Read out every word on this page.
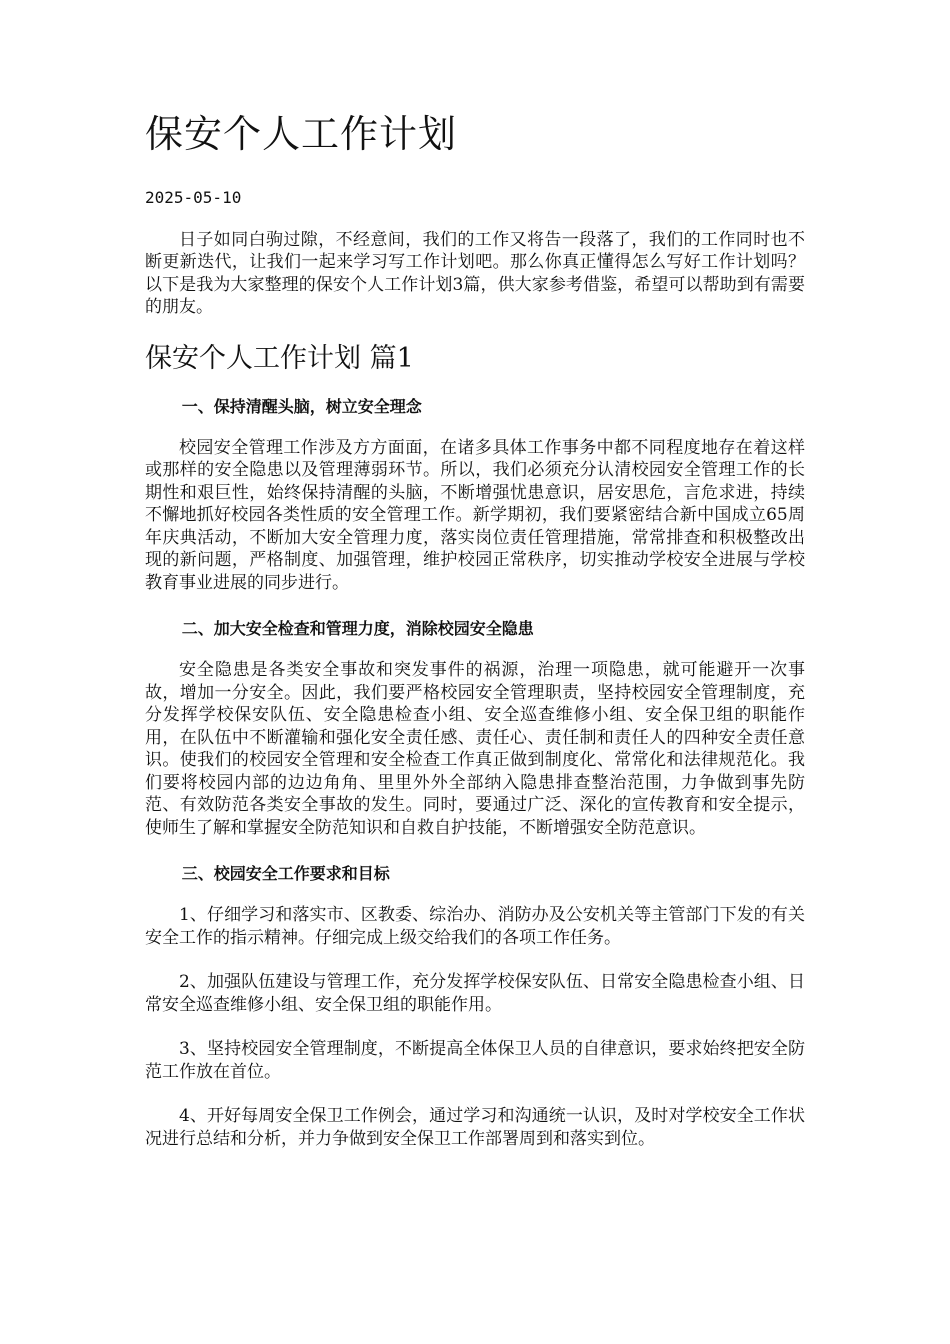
保安个人工作计划
2025-05-10

日子如同白驹过隙，不经意间，我们的工作又将告一段落了，我们的工作同时也不断更新迭代，让我们一起来学习写工作计划吧。那么你真正懂得怎么写好工作计划吗？以下是我为大家整理的保安个人工作计划3篇，供大家参考借鉴，希望可以帮助到有需要的朋友。

保安个人工作计划 篇1
一、保持清醒头脑，树立安全理念

校园安全管理工作涉及方方面面，在诸多具体工作事务中都不同程度地存在着这样或那样的安全隐患以及管理薄弱环节。所以，我们必须充分认清校园安全管理工作的长期性和艰巨性，始终保持清醒的头脑，不断增强忧患意识，居安思危，言危求进，持续不懈地抓好校园各类性质的安全管理工作。新学期初，我们要紧密结合新中国成立65周年庆典活动，不断加大安全管理力度，落实岗位责任管理措施，常常排查和积极整改出现的新问题，严格制度、加强管理，维护校园正常秩序，切实推动学校安全进展与学校教育事业进展的同步进行。

二、加大安全检查和管理力度，消除校园安全隐患

安全隐患是各类安全事故和突发事件的祸源，治理一项隐患，就可能避开一次事故，增加一分安全。因此，我们要严格校园安全管理职责，坚持校园安全管理制度，充分发挥学校保安队伍、安全隐患检查小组、安全巡查维修小组、安全保卫组的职能作用，在队伍中不断灌输和强化安全责任感、责任心、责任制和责任人的四种安全责任意识。使我们的校园安全管理和安全检查工作真正做到制度化、常常化和法律规范化。我们要将校园内部的边边角角、里里外外全部纳入隐患排查整治范围，力争做到事先防范、有效防范各类安全事故的发生。同时，要通过广泛、深化的宣传教育和安全提示，使师生了解和掌握安全防范知识和自救自护技能，不断增强安全防范意识。

三、校园安全工作要求和目标

1、仔细学习和落实市、区教委、综治办、消防办及公安机关等主管部门下发的有关安全工作的指示精神。仔细完成上级交给我们的各项工作任务。

2、加强队伍建设与管理工作，充分发挥学校保安队伍、日常安全隐患检查小组、日常安全巡查维修小组、安全保卫组的职能作用。

3、坚持校园安全管理制度，不断提高全体保卫人员的自律意识，要求始终把安全防范工作放在首位。

4、开好每周安全保卫工作例会，通过学习和沟通统一认识，及时对学校安全工作状况进行总结和分析，并力争做到安全保卫工作部署周到和落实到位。
